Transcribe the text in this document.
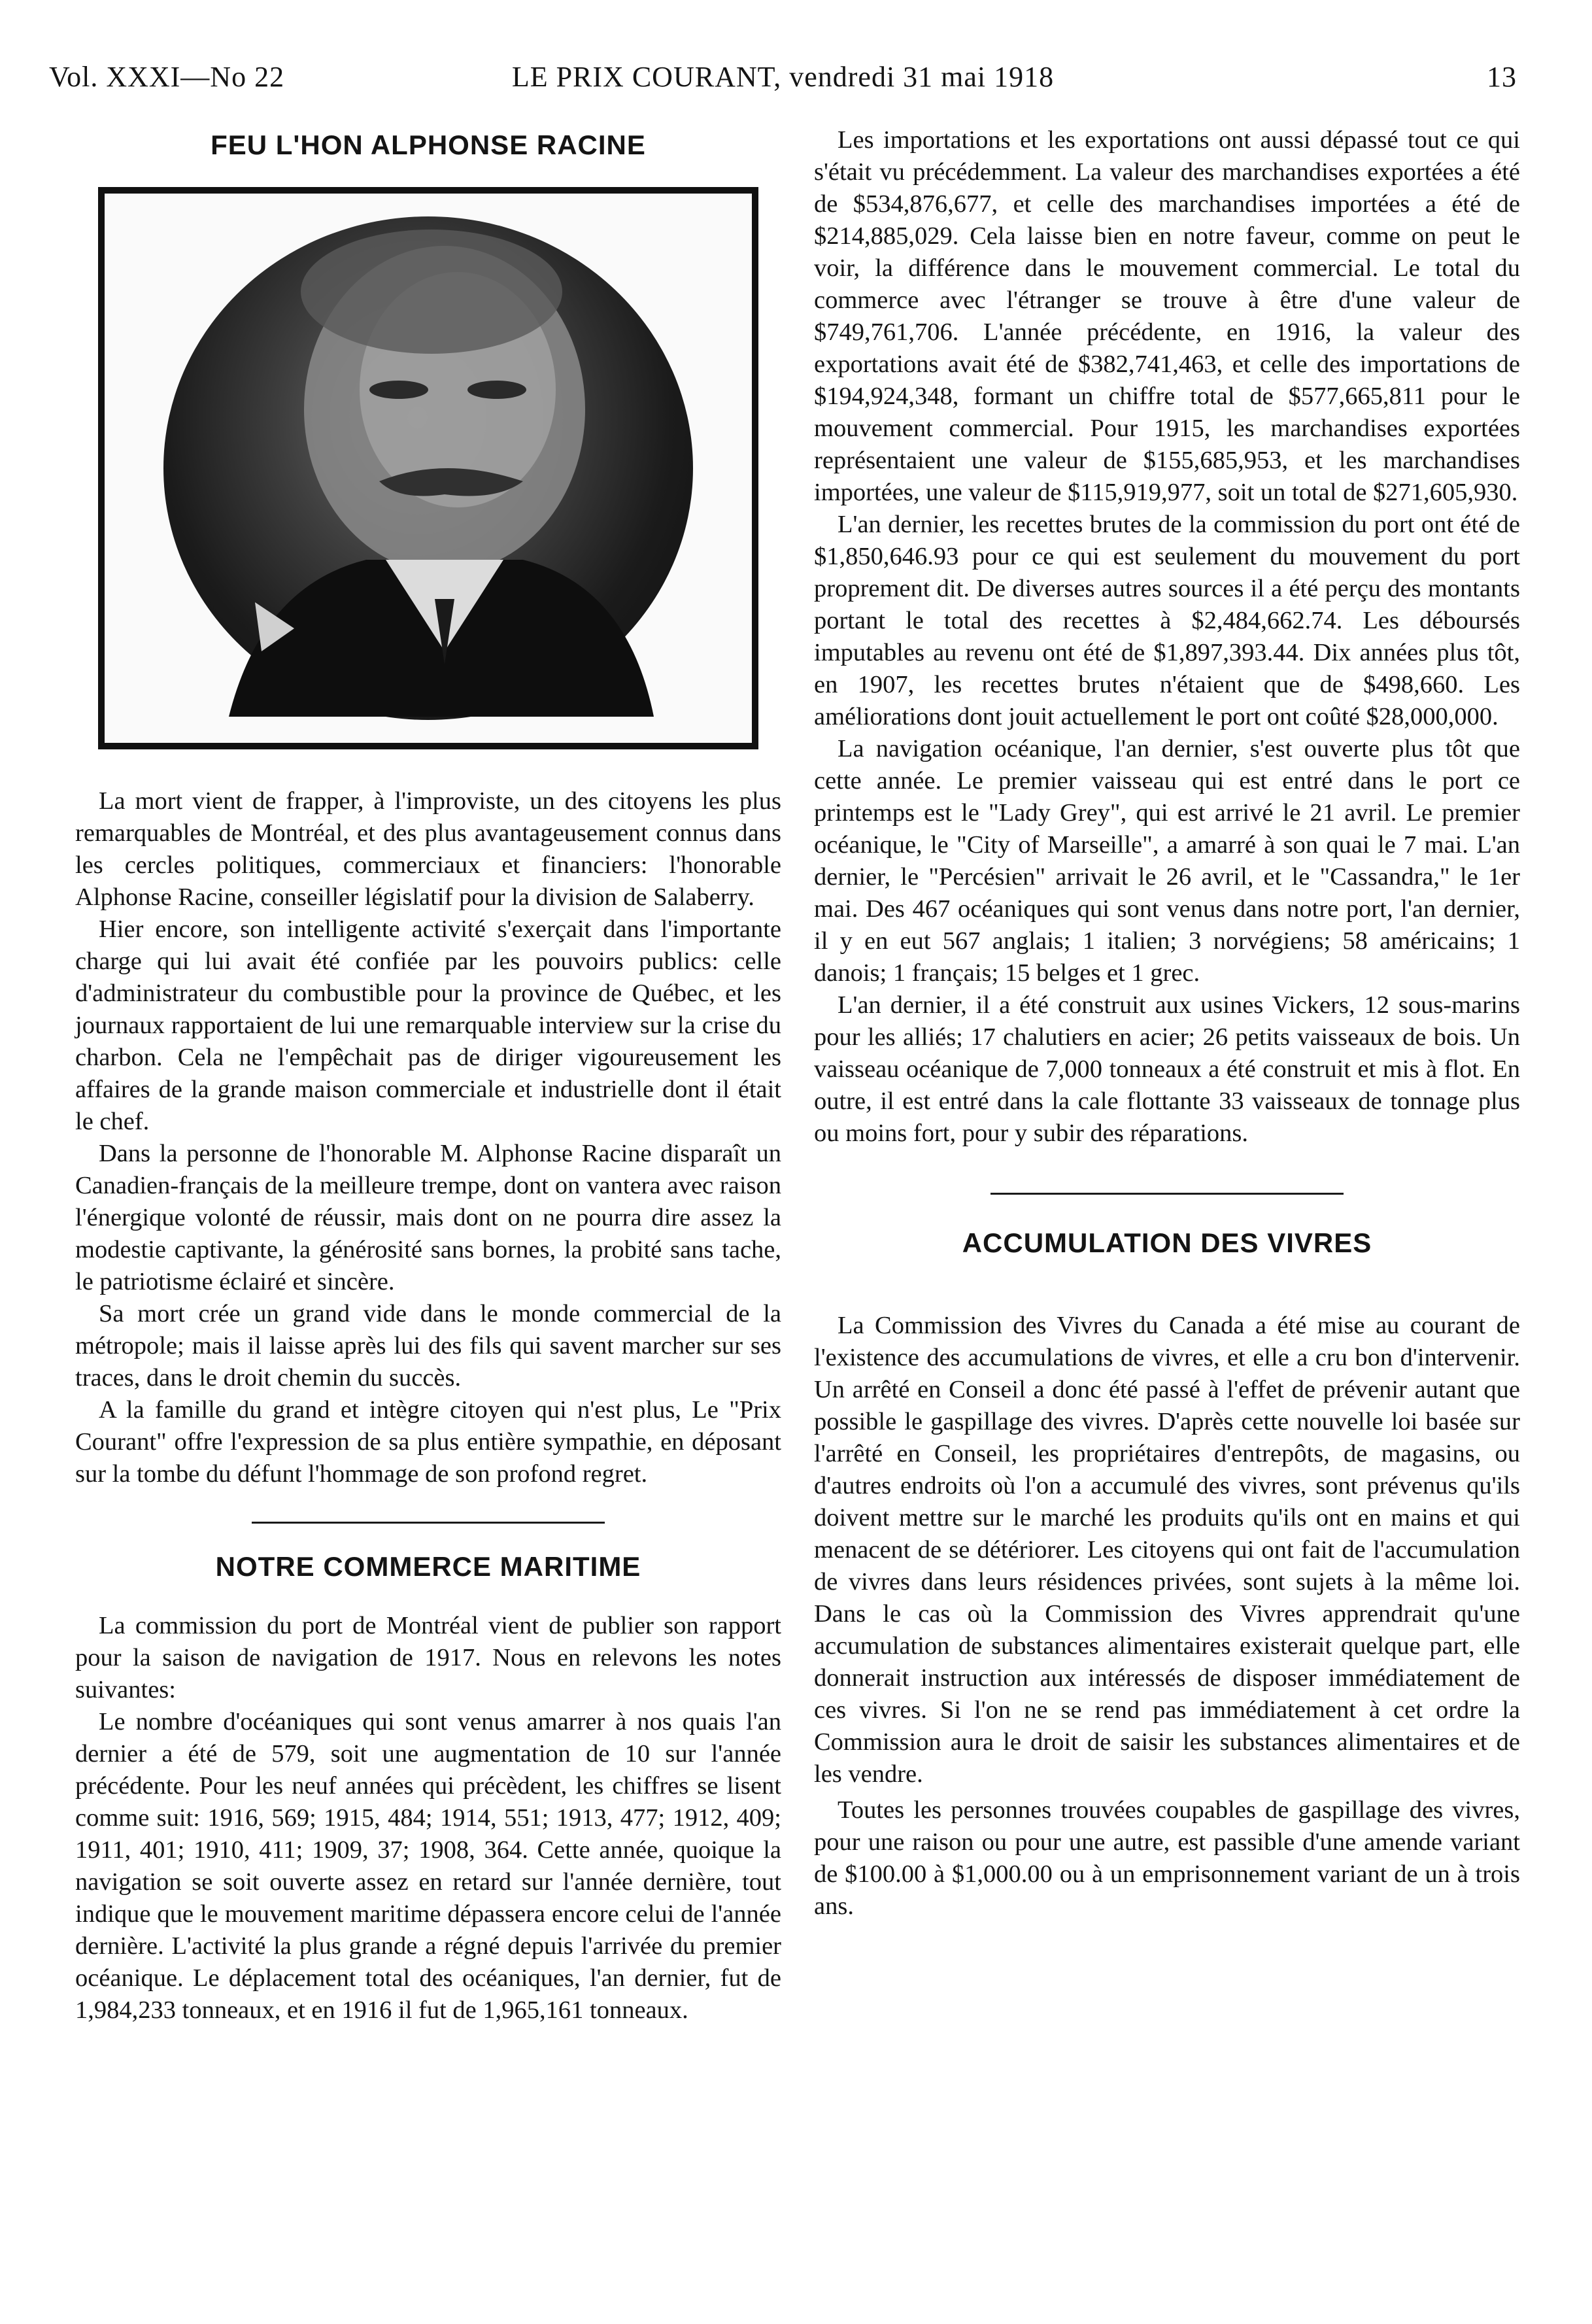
Vol. XXXI—No 22	LE PRIX COURANT, vendredi 31 mai 1918	13
FEU L'HON ALPHONSE RACINE

La mort vient de frapper, à l'improviste, un des citoyens les plus remarquables de Montréal, et des plus avantageusement connus dans les cercles politiques, commerciaux et financiers: l'honorable Alphonse Racine, conseiller législatif pour la division de Salaberry.

Hier encore, son intelligente activité s'exerçait dans l'importante charge qui lui avait été confiée par les pouvoirs publics: celle d'administrateur du combustible pour la province de Québec, et les journaux rapportaient de lui une remarquable interview sur la crise du charbon. Cela ne l'empêchait pas de diriger vigoureusement les affaires de la grande maison commerciale et industrielle dont il était le chef.

Dans la personne de l'honorable M. Alphonse Racine disparaît un Canadien-français de la meilleure trempe, dont on vantera avec raison l'énergique volonté de réussir, mais dont on ne pourra dire assez la modestie captivante, la générosité sans bornes, la probité sans tache, le patriotisme éclairé et sincère.

Sa mort crée un grand vide dans le monde commercial de la métropole; mais il laisse après lui des fils qui savent marcher sur ses traces, dans le droit chemin du succès.

A la famille du grand et intègre citoyen qui n'est plus, Le "Prix Courant" offre l'expression de sa plus entière sympathie, en déposant sur la tombe du défunt l'hommage de son profond regret.

NOTRE COMMERCE MARITIME

La commission du port de Montréal vient de publier son rapport pour la saison de navigation de 1917. Nous en relevons les notes suivantes:

Le nombre d'océaniques qui sont venus amarrer à nos quais l'an dernier a été de 579, soit une augmentation de 10 sur l'année précédente. Pour les neuf années qui précèdent, les chiffres se lisent comme suit: 1916, 569; 1915, 484; 1914, 551; 1913, 477; 1912, 409; 1911, 401; 1910, 411; 1909, 37; 1908, 364. Cette année, quoique la navigation se soit ouverte assez en retard sur l'année dernière, tout indique que le mouvement maritime dépassera encore celui de l'année dernière. L'activité la plus grande a régné depuis l'arrivée du premier océanique. Le déplacement total des océaniques, l'an dernier, fut de 1,984,233 tonneaux, et en 1916 il fut de 1,965,161 tonneaux.

Les importations et les exportations ont aussi dépassé tout ce qui s'était vu précédemment. La valeur des marchandises exportées a été de $534,876,677, et celle des marchandises importées a été de $214,885,029. Cela laisse bien en notre faveur, comme on peut le voir, la différence dans le mouvement commercial. Le total du commerce avec l'étranger se trouve à être d'une valeur de $749,761,706. L'année précédente, en 1916, la valeur des exportations avait été de $382,741,463, et celle des importations de $194,924,348, formant un chiffre total de $577,665,811 pour le mouvement commercial. Pour 1915, les marchandises exportées représentaient une valeur de $155,685,953, et les marchandises importées, une valeur de $115,919,977, soit un total de $271,605,930.

L'an dernier, les recettes brutes de la commission du port ont été de $1,850,646.93 pour ce qui est seulement du mouvement du port proprement dit. De diverses autres sources il a été perçu des montants portant le total des recettes à $2,484,662.74. Les déboursés imputables au revenu ont été de $1,897,393.44. Dix années plus tôt, en 1907, les recettes brutes n'étaient que de $498,660. Les améliorations dont jouit actuellement le port ont coûté $28,000,000.

La navigation océanique, l'an dernier, s'est ouverte plus tôt que cette année. Le premier vaisseau qui est entré dans le port ce printemps est le "Lady Grey", qui est arrivé le 21 avril. Le premier océanique, le "City of Marseille", a amarré à son quai le 7 mai. L'an dernier, le "Percésien" arrivait le 26 avril, et le "Cassandra," le 1er mai. Des 467 océaniques qui sont venus dans notre port, l'an dernier, il y en eut 567 anglais; 1 italien; 3 norvégiens; 58 américains; 1 danois; 1 français; 15 belges et 1 grec.

L'an dernier, il a été construit aux usines Vickers, 12 sous-marins pour les alliés; 17 chalutiers en acier; 26 petits vaisseaux de bois. Un vaisseau océanique de 7,000 tonneaux a été construit et mis à flot. En outre, il est entré dans la cale flottante 33 vaisseaux de tonnage plus ou moins fort, pour y subir des réparations.

ACCUMULATION DES VIVRES

La Commission des Vivres du Canada a été mise au courant de l'existence des accumulations de vivres, et elle a cru bon d'intervenir. Un arrêté en Conseil a donc été passé à l'effet de prévenir autant que possible le gaspillage des vivres. D'après cette nouvelle loi basée sur l'arrêté en Conseil, les propriétaires d'entrepôts, de magasins, ou d'autres endroits où l'on a accumulé des vivres, sont prévenus qu'ils doivent mettre sur le marché les produits qu'ils ont en mains et qui menacent de se détériorer. Les citoyens qui ont fait de l'accumulation de vivres dans leurs résidences privées, sont sujets à la même loi. Dans le cas où la Commission des Vivres apprendrait qu'une accumulation de substances alimentaires existerait quelque part, elle donnerait instruction aux intéressés de disposer immédiatement de ces vivres. Si l'on ne se rend pas immédiatement à cet ordre la Commission aura le droit de saisir les substances alimentaires et de les vendre.

Toutes les personnes trouvées coupables de gaspillage des vivres, pour une raison ou pour une autre, est passible d'une amende variant de $100.00 à $1,000.00 ou à un emprisonnement variant de un à trois ans.
